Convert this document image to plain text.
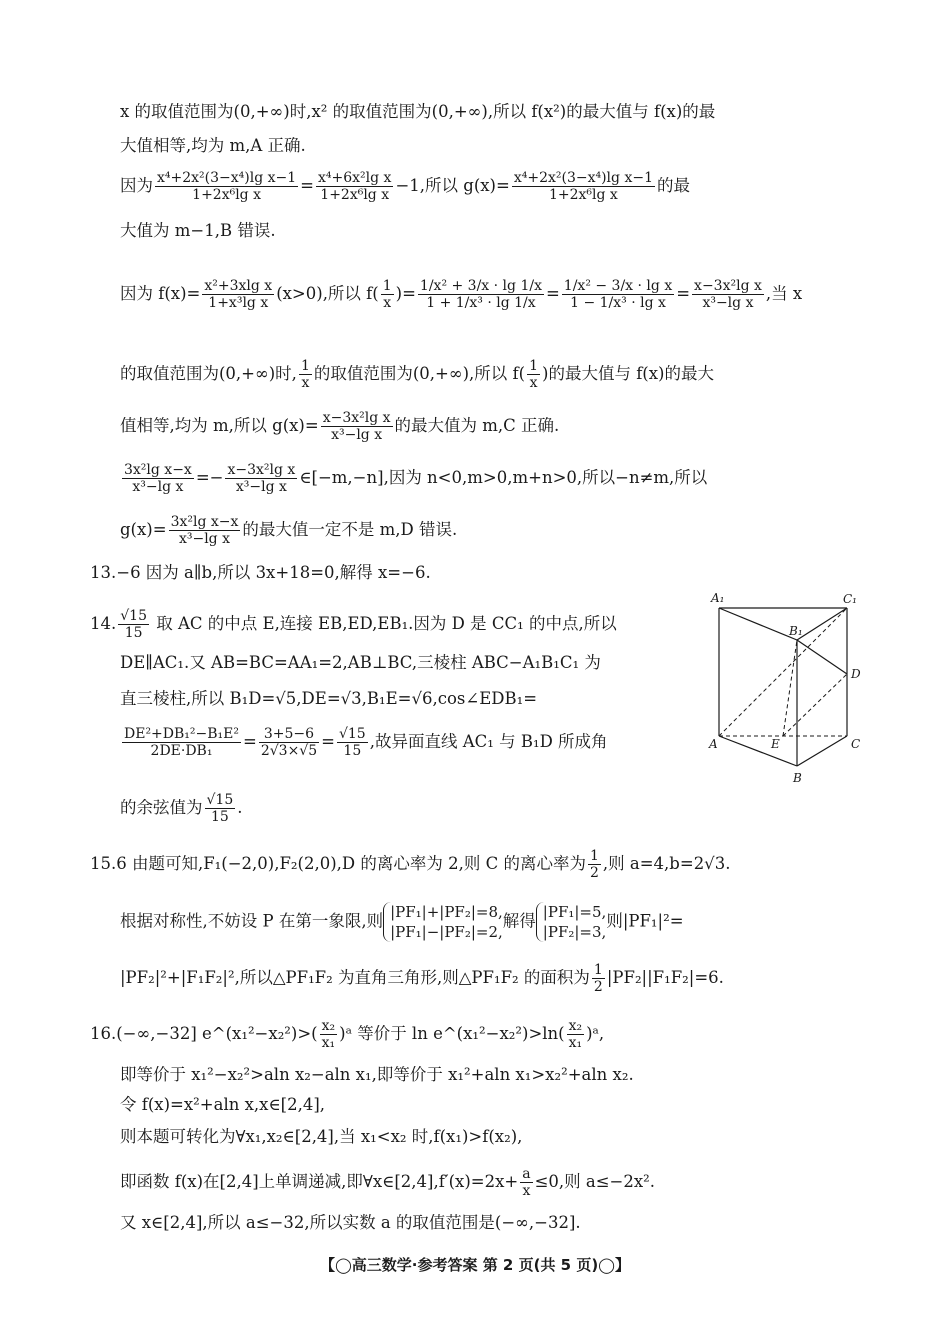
x 的取值范围为(0,+∞)时,x² 的取值范围为(0,+∞),所以 f(x²)的最大值与 f(x)的最
大值相等,均为 m,A 正确.
因为 $\frac{\text{x⁴+2x²(3−x⁴)lg x−1}}{\text{1+2x⁶lg x}} = \frac{\text{x⁴+6x²lg x}}{\text{1+2x⁶lg x}} -1$,所以 $g(x)= \frac{\text{x⁴+2x²(3−x⁴)lg x−1}}{\text{1+2x⁶lg x}}$ 的最
大值为 m−1,B 错误.
因为 $f(x)= \frac{\text{x²+3xlg x}}{\text{1+x³lg x}} (x>0)$,所以 $f( \frac{1}{x}$ )= $\frac{\text{1/x² + 3/x · lg 1/x}}{\text{1 + 1/x³ · lg 1/x}} = \frac{\text{1/x² − 3/x · lg x}}{\text{1 − 1/x³ · lg x}} = \frac{\text{x−3x²lg x}}{\text{x³−lg x}}$ ,当 x
的取值范围为(0,+∞)时, $\frac{1}{x}$ 的取值范围为(0,+∞),所以 $f( \frac{1}{x}$ )的最大值与 f(x)的最大
值相等,均为 m,所以 $g(x)= \frac{\text{x−3x²lg x}}{\text{x³−lg x}}$ 的最大值为 m,C 正确.
$\frac{\text{3x²lg x−x}}{\text{x³−lg x}} =- \frac{\text{x−3x²lg x}}{\text{x³−lg x}}$ ∈[−m,−n],因为 n<0,m>0,m+n>0,所以−n≠m,所以
$g(x)= \frac{\text{3x²lg x−x}}{\text{x³−lg x}}$ 的最大值一定不是 m,D 错误.
13.−6 因为 a∥b,所以 3x+18=0,解得 x=−6.
14. $\frac{√15}{15}$ 取 AC 的中点 E,连接 EB,ED,EB₁.因为 D 是 CC₁ 的中点,所以
DE∥AC₁.又 AB=BC=AA₁=2,AB⊥BC,三棱柱 ABC−A₁B₁C₁ 为
直三棱柱,所以 B₁D=√5,DE=√3,B₁E=√6,cos∠EDB₁=
$\frac{\text{DE²+DB₁²−B₁E²}}{\text{2DE·DB₁}} = \frac{3+5-6}{2√3\times√5} = \frac{√15}{15}$ ,故异面直线 AC₁ 与 B₁D 所成角
的余弦值为 $\frac{√15}{15}$ .
A₁	C₁
B₁
D
A	E	C
B
15.6 由题可知,F₁(−2,0),F₂(2,0),D 的离心率为 2,则 C 的离心率为 $\frac{1}{2}$ ,则 a=4,b=2√3.
根据对称性,不妨设 P 在第一象限,则 |PF₁|+|PF₂|=8,
|PF₁|−|PF₂|=2,
解得 |PF₁|=5,
|PF₂|=3,
则|PF₁|²=
|PF₂|²+|F₁F₂|²,所以△PF₁F₂ 为直角三角形,则△PF₁F₂ 的面积为 $\frac{1}{2} |PF_2||F_1F_2|=6$.
16.(−∞,−32] e^(x₁²−x₂²)>( $\frac{\text{x₂}}{\text{x₁}}$ )ᵃ 等价于 ln e^(x₁²−x₂²)>ln( $\frac{\text{x₂}}{\text{x₁}}$ )ᵃ,
即等价于 x₁²−x₂²>aln x₂−aln x₁,即等价于 x₁²+aln x₁>x₂²+aln x₂.
令 f(x)=x²+aln x,x∈[2,4],
则本题可转化为∀x₁,x₂∈[2,4],当 x₁<x₂ 时,f(x₁)>f(x₂),
即函数 f(x)在[2,4]上单调递减,即∀x∈[2,4],f′(x)=2x+ $\frac{a}{x} \le 0$,则 a≤−2x².
又 x∈[2,4],所以 a≤−32,所以实数 a 的取值范围是(−∞,−32].
【◯高三数学·参考答案 第 2 页(共 5 页)◯】
